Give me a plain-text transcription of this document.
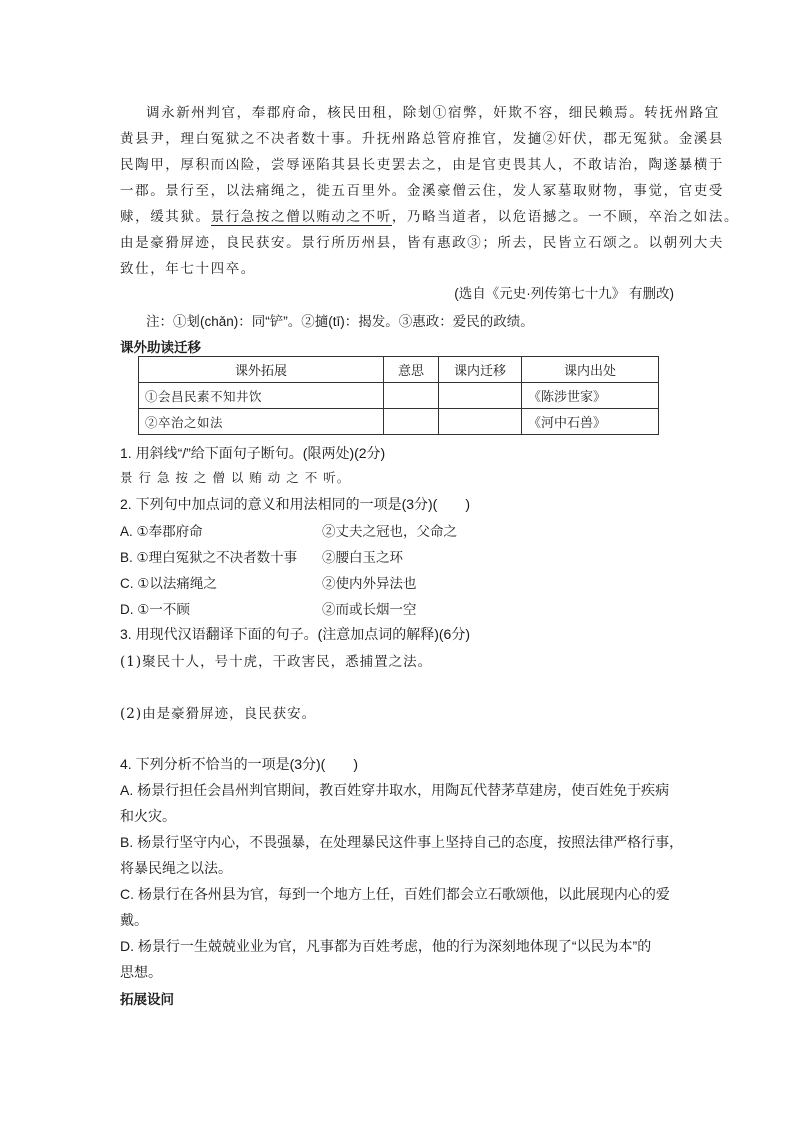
调永新州判官，奉郡府命，核民田租，除刬①宿弊，奸欺不容，细民赖焉。转抚州路宜
黄县尹，理白冤狱之不决者数十事。升抚州路总管府推官，发擿②奸伏，郡无冤狱。金溪县
民陶甲，厚积而凶险，尝辱诬陷其县长吏罢去之，由是官吏畏其人，不敢诘治，陶遂暴横于
一郡。景行至，以法痛绳之，徙五百里外。金溪豪僧云住，发人冢墓取财物，事觉，官吏受
赇，缓其狱。景行急按之僧以贿动之不听，乃略当道者，以危语撼之。一不顾，卒治之如法。
由是豪猾屏迹，良民获安。景行所历州县，皆有惠政③；所去，民皆立石颂之。以朝列大夫
致仕，年七十四卒。
(选自《元史·列传第七十九》 有删改)
注：①刬(chǎn)：同“铲”。②擿(tī)：揭发。③惠政：爱民的政绩。
课外助读迁移
课外拓展	意思	课内迁移	课内出处
①会昌民素不知井饮			《陈涉世家》
②卒治之如法			《河中石兽》
1. 用斜线“/”给下面句子断句。(限两处)(2分)
景 行 急 按 之 僧 以 贿 动 之 不 听。
2. 下列句中加点词的意义和用法相同的一项是(3分)(　　)
A. ①奉郡府命	②丈夫之冠也，父命之
B. ①理白冤狱之不决者数十事 ②腰白玉之环
C. ①以法痛绳之	②使内外异法也
D. ①一不顾	②而或长烟一空
3. 用现代汉语翻译下面的句子。(注意加点词的解释)(6分)
(1)聚民十人，号十虎，干政害民，悉捕置之法。
(2)由是豪猾屏迹，良民获安。
4. 下列分析不恰当的一项是(3分)(　　)
A. 杨景行担任会昌州判官期间，教百姓穿井取水，用陶瓦代替茅草建房，使百姓免于疾病
和火灾。
B. 杨景行坚守内心，不畏强暴，在处理暴民这件事上坚持自己的态度，按照法律严格行事，
将暴民绳之以法。
C. 杨景行在各州县为官，每到一个地方上任，百姓们都会立石歌颂他，以此展现内心的爱
戴。
D. 杨景行一生兢兢业业为官，凡事都为百姓考虑，他的行为深刻地体现了“以民为本”的
思想。
拓展设问
